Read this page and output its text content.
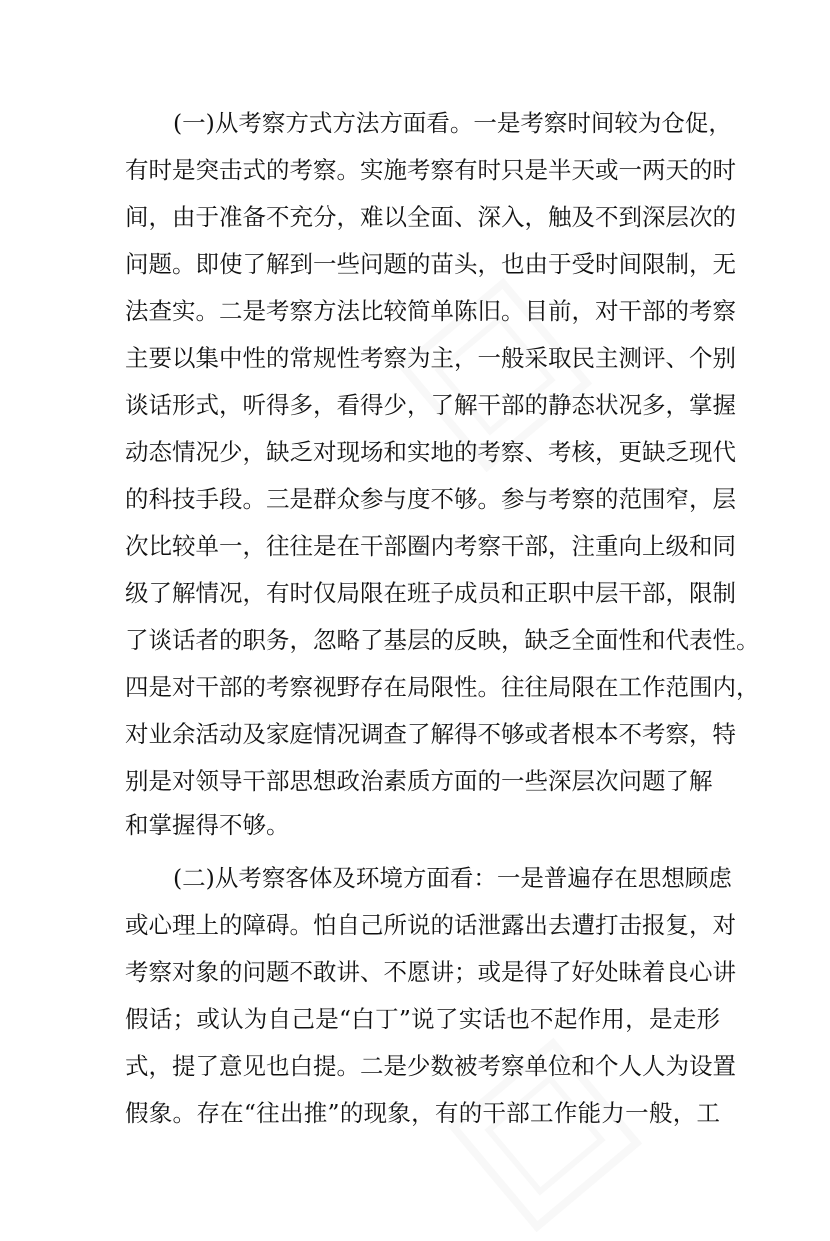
(一)从考察方式方法方面看。一是考察时间较为仓促，
有时是突击式的考察。实施考察有时只是半天或一两天的时
间，由于准备不充分，难以全面、深入，触及不到深层次的
问题。即使了解到一些问题的苗头，也由于受时间限制，无
法查实。二是考察方法比较简单陈旧。目前，对干部的考察
主要以集中性的常规性考察为主，一般采取民主测评、个别
谈话形式，听得多，看得少，了解干部的静态状况多，掌握
动态情况少，缺乏对现场和实地的考察、考核，更缺乏现代
的科技手段。三是群众参与度不够。参与考察的范围窄，层
次比较单一，往往是在干部圈内考察干部，注重向上级和同
级了解情况，有时仅局限在班子成员和正职中层干部，限制
了谈话者的职务，忽略了基层的反映，缺乏全面性和代表性。
四是对干部的考察视野存在局限性。往往局限在工作范围内，
对业余活动及家庭情况调查了解得不够或者根本不考察，特
别是对领导干部思想政治素质方面的一些深层次问题了解
和掌握得不够。
(二)从考察客体及环境方面看：一是普遍存在思想顾虑
或心理上的障碍。怕自己所说的话泄露出去遭打击报复，对
考察对象的问题不敢讲、不愿讲；或是得了好处昧着良心讲
假话；或认为自己是“白丁”说了实话也不起作用，是走形
式，提了意见也白提。二是少数被考察单位和个人人为设置
假象。存在“往出推”的现象，有的干部工作能力一般，工
